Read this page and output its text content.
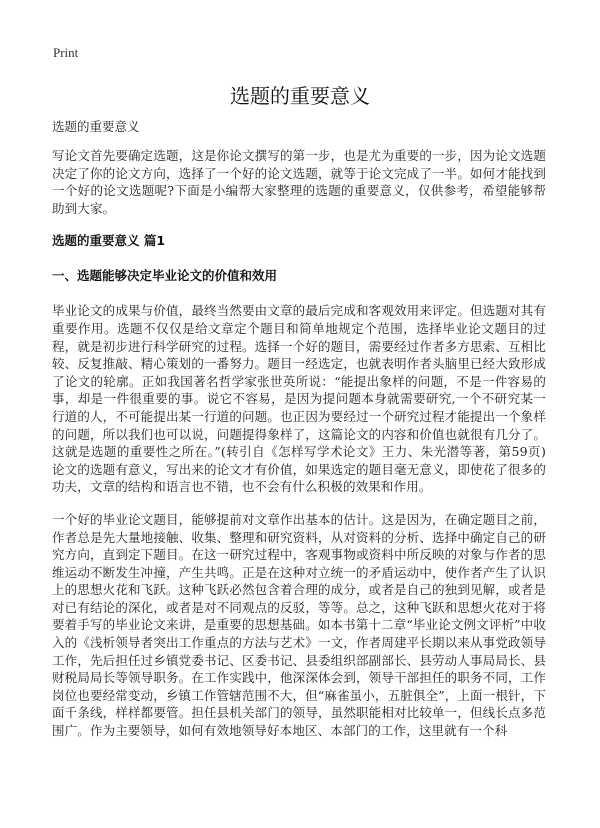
Print
选题的重要意义

选题的重要意义

写论文首先要确定选题，这是你论文撰写的第一步，也是尤为重要的一步，因为论文选题决定了你的论文方向，选择了一个好的论文选题，就等于论文完成了一半。如何才能找到一个好的论文选题呢?下面是小编帮大家整理的选题的重要意义，仅供参考，希望能够帮助到大家。

选题的重要意义 篇1

一、选题能够决定毕业论文的价值和效用

毕业论文的成果与价值，最终当然要由文章的最后完成和客观效用来评定。但选题对其有重要作用。选题不仅仅是给文章定个题目和简单地规定个范围，选择毕业论文题目的过程，就是初步进行科学研究的过程。选择一个好的题目，需要经过作者多方思索、互相比较、反复推敲、精心策划的一番努力。题目一经选定，也就表明作者头脑里已经大致形成了论文的轮廓。正如我国著名哲学家张世英所说：“能提出象样的问题，不是一件容易的事，却是一件很重要的事。说它不容易，是因为提问题本身就需要研究,一个不研究某一行道的人，不可能提出某一行道的问题。也正因为要经过一个研究过程才能提出一个象样的问题，所以我们也可以说，问题提得象样了，这篇论文的内容和价值也就很有几分了。这就是选题的重要性之所在。”(转引自《怎样写学术论文》王力、朱光潜等著，第59页)论文的选题有意义，写出来的论文才有价值，如果选定的题目毫无意义，即使花了很多的功夫，文章的结构和语言也不错，也不会有什么积极的效果和作用。

一个好的毕业论文题目，能够提前对文章作出基本的估计。这是因为，在确定题目之前，作者总是先大量地接触、收集、整理和研究资料，从对资料的分析、选择中确定自己的研究方向，直到定下题目。在这一研究过程中，客观事物或资料中所反映的对象与作者的思维运动不断发生冲撞，产生共鸣。正是在这种对立统一的矛盾运动中，使作者产生了认识上的思想火花和飞跃。这种飞跃必然包含着合理的成分，或者是自己的独到见解，或者是对已有结论的深化，或者是对不同观点的反驳，等等。总之，这种飞跃和思想火花对于将要着手写的毕业论文来讲，是重要的思想基础。如本书第十二章“毕业论文例文评析”中收入的《浅析领导者突出工作重点的方法与艺术》一文，作者周建平长期以来从事党政领导工作，先后担任过乡镇党委书记、区委书记、县委组织部副部长、县劳动人事局局长、县财税局局长等领导职务。在工作实践中，他深深体会到，领导干部担任的职务不同，工作岗位也要经常变动，乡镇工作管辖范围不大，但“麻雀虽小，五脏俱全”，上面一根针，下面千条线，样样都要管。担任县机关部门的领导，虽然职能相对比较单一，但线长点多范围广。作为主要领导，如何有效地领导好本地区、本部门的工作，这里就有一个科
